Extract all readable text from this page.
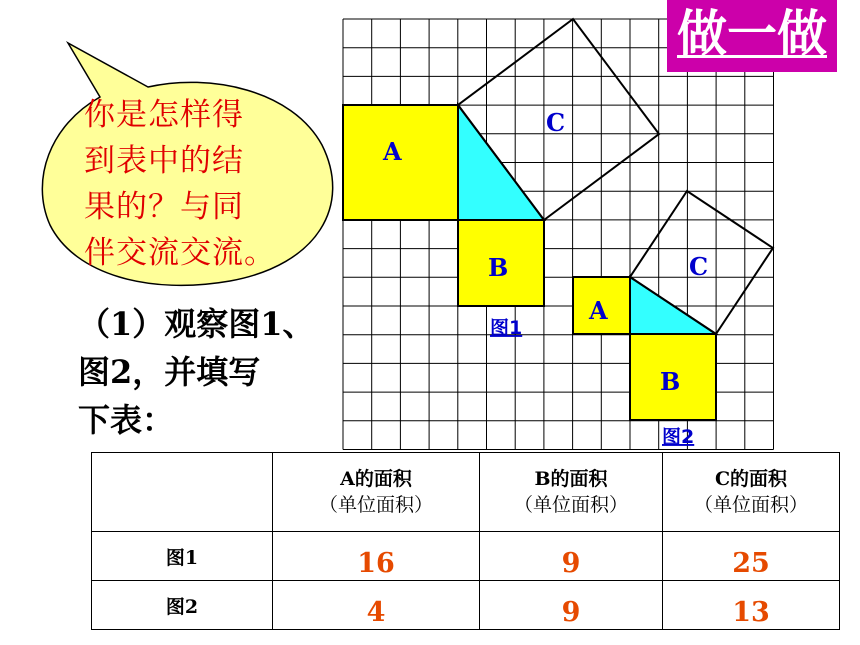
A
B
C
图1
A
B
C
图2
做一做
你是怎样得
到表中的结
果的？与同
伴交流交流。
（1）观察图1、
图2，并填写
下表：

	A的面积
（单位面积）	B的面积
（单位面积）	C的面积
（单位面积）

图1	16	9	25
图2	4	9	13
